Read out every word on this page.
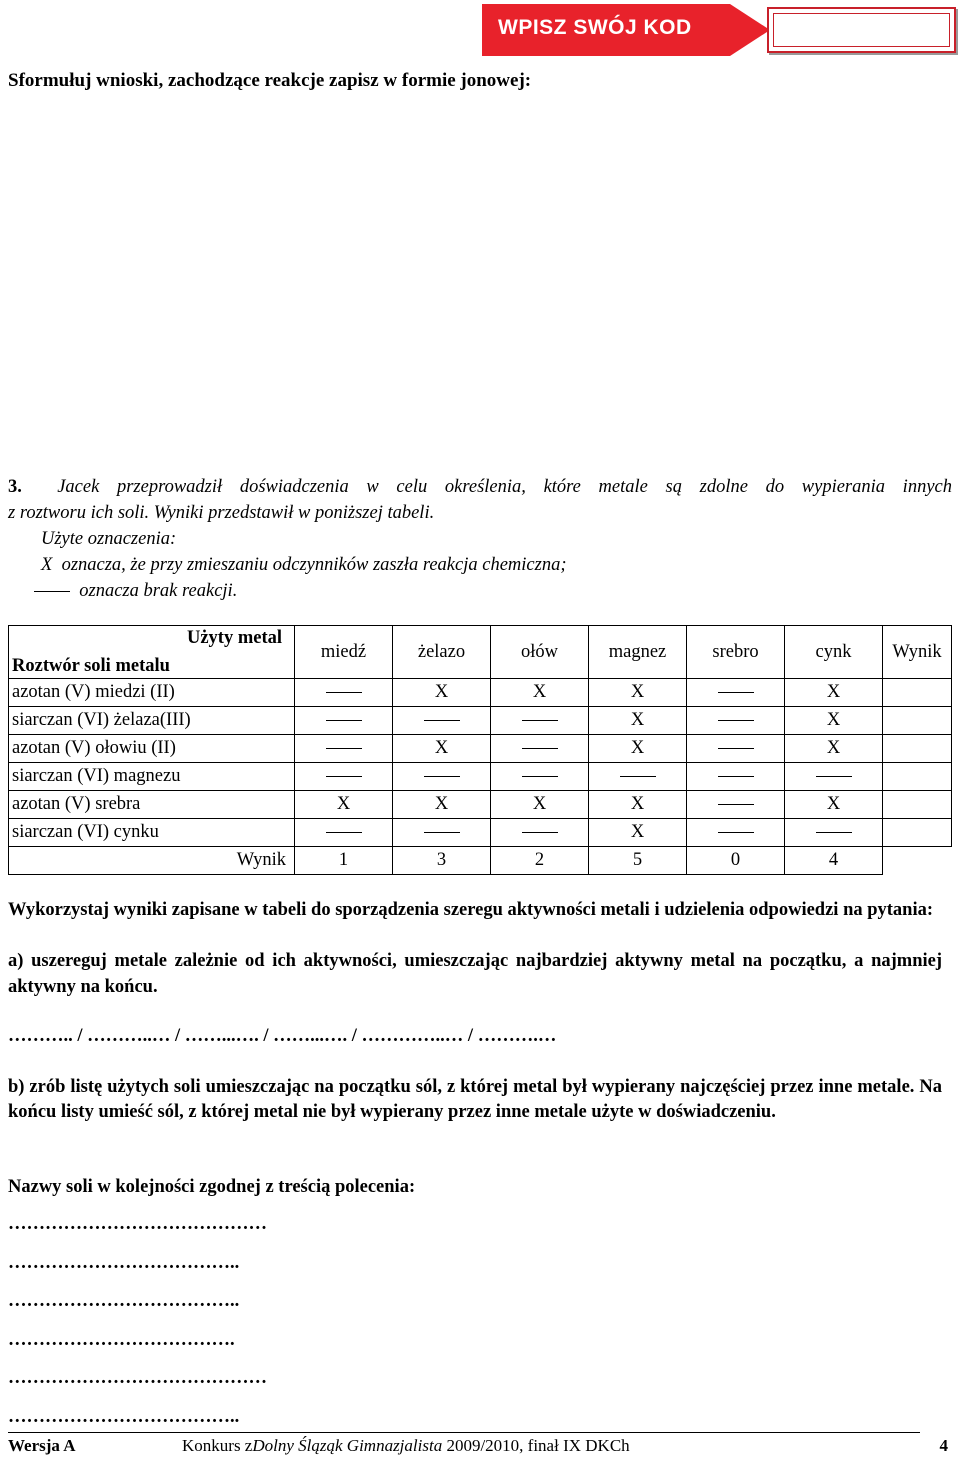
WPISZ SWÓJ KOD
Sformułuj wnioski, zachodzące reakcje zapisz w formie jonowej:

3. Jacek przeprowadził doświadczenia w celu określenia, które metale są zdolne do wypierania innych

z roztworu ich soli. Wyniki przedstawił w poniższej tabeli.

Użyte oznaczenia:

X oznacza, że przy zmieszaniu odczynników zaszła reakcja chemiczna;

oznacza brak reakcji.

Użyty metal
Roztwór soli metalu	miedź	żelazo	ołów	magnez	srebro	cynk	Wynik
azotan (V) miedzi (II)		X	X	X		X	
siarczan (VI) żelaza(III)				X		X	
azotan (V) ołowiu (II)		X		X		X	
siarczan (VI) magnezu							
azotan (V) srebra	X	X	X	X		X	
siarczan (VI) cynku				X			
Wynik	1	3	2	5	0	4	
Wykorzystaj wyniki zapisane w tabeli do sporządzenia szeregu aktywności metali i udzielenia odpowiedzi na pytania:
a) uszereguj metale zależnie od ich aktywności, umieszczając najbardziej aktywny metal na początku, a najmniej aktywny na końcu.
……….. / ………..… / ……...…. / ……...…. / …………..… / ……….…
b) zrób listę użytych soli umieszczając na początku sól, z której metal był wypierany najczęściej przez inne metale. Na końcu listy umieść sól, z której metal nie był wypierany przez inne metale użyte w doświadczeniu.
Nazwy soli w kolejności zgodnej z treścią polecenia:
……………………………………
………………………………..
………………………………..
……………………………….
……………………………………
………………………………..
Wersja A	Konkurs zDolny Śląząk Gimnazjalista 2009/2010, finał IX DKCh	4
